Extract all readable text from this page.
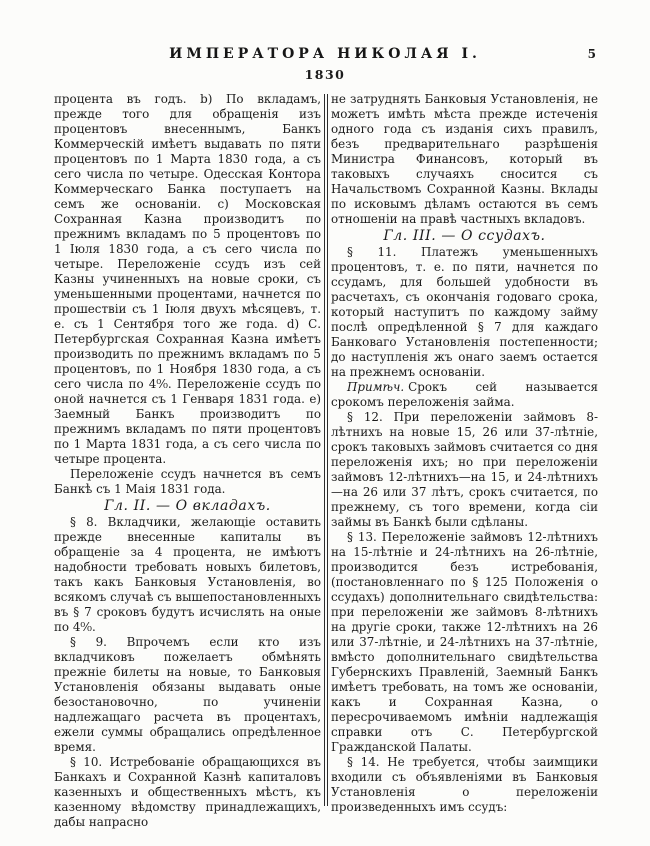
ИМПЕРАТОРА НИКОЛАЯ I.	5
1830

процента въ годъ. b) По вкладамъ, прежде того для обращенія изъ процентовъ внесеннымъ, Банкъ Коммерческій имѣетъ выдавать по пяти процентовъ по 1 Марта 1830 года, а съ сего числа по четыре. Одесская Контора Коммерческаго Банка поступаетъ на семъ же основаніи. c) Московская Сохранная Казна производитъ по прежнимъ вкладамъ по 5 процентовъ по 1 Іюля 1830 года, а съ сего числа по четыре. Переложеніе ссудъ изъ сей Казны учиненныхъ на новые сроки, съ уменьшенными процентами, начнется по прошествіи съ 1 Іюля двухъ мѣсяцевъ, т. е. съ 1 Сентября того же года. d) С. Петербургская Сохранная Казна имѣетъ производить по прежнимъ вкладамъ по 5 процентовъ, по 1 Ноября 1830 года, а съ сего числа по 4⁰⁄₀. Переложеніе ссудъ по оной начнется съ 1 Генваря 1831 года. e) Заемный Банкъ производитъ по прежнимъ вкладамъ по пяти процентовъ по 1 Марта 1831 года, а съ сего числа по четыре процента.

Переложеніе ссудъ начнется въ семъ Банкѣ съ 1 Маія 1831 года.

Гл. II. — О вкладахъ.

§ 8. Вкладчики, желающіе оставить прежде внесенные капиталы въ обращеніе за 4 процента, не имѣютъ надобности требовать новыхъ билетовъ, такъ какъ Банковыя Установленія, во всякомъ случаѣ съ вышепостановленныхъ въ § 7 сроковъ будутъ исчислять на оные по 4⁰⁄₀.

§ 9. Впрочемъ если кто изъ вкладчиковъ пожелаетъ обмѣнять прежніе билеты на новые, то Банковыя Установленія обязаны выдавать оные безостановочно, по учиненіи надлежащаго расчета въ процентахъ, ежели суммы обращались опредѣленное время.

§ 10. Истребованіе обращающихся въ Банкахъ и Сохранной Казнѣ капиталовъ казенныхъ и общественныхъ мѣстъ, къ казенному вѣдомству принадлежащихъ, дабы напрасно

не затруднять Банковыя Установленія, не можетъ имѣть мѣста прежде истеченія одного года съ изданія сихъ правилъ, безъ предварительнаго разрѣшенія Министра Финансовъ, который въ таковыхъ случаяхъ сносится съ Начальствомъ Сохранной Казны. Вклады по исковымъ дѣламъ остаются въ семъ отношеніи на правѣ частныхъ вкладовъ.

Гл. III. — О ссудахъ.

§ 11. Платежъ уменьшенныхъ процентовъ, т. е. по пяти, начнется по ссудамъ, для большей удобности въ расчетахъ, съ окончанія годоваго срока, который наступитъ по каждому займу послѣ опредѣленной § 7 для каждаго Банковаго Установленія постепенности; до наступленія жъ онаго заемъ остается на прежнемъ основаніи.

Примѣч. Срокъ сей называется срокомъ переложенія займа.

§ 12. При переложеніи займовъ 8-лѣтнихъ на новые 15, 26 или 37-лѣтніе, срокъ таковыхъ займовъ считается со дня переложенія ихъ; но при переложеніи займовъ 12-лѣтнихъ—на 15, и 24-лѣтнихъ—на 26 или 37 лѣтъ, срокъ считается, по прежнему, съ того времени, когда сіи займы въ Банкѣ были сдѣланы.

§ 13. Переложеніе займовъ 12-лѣтнихъ на 15-лѣтніе и 24-лѣтнихъ на 26-лѣтніе, производится безъ истребованія, (постановленнаго по § 125 Положенія о ссудахъ) дополнительнаго свидѣтельства: при переложеніи же займовъ 8-лѣтнихъ на другіе сроки, также 12-лѣтнихъ на 26 или 37-лѣтніе, и 24-лѣтнихъ на 37-лѣтніе, вмѣсто дополнительнаго свидѣтельства Губернскихъ Правленій, Заемный Банкъ имѣетъ требовать, на томъ же основаніи, какъ и Сохранная Казна, о пересрочиваемомъ имѣніи надлежащія справки отъ С. Петербургской Гражданской Палаты.

§ 14. Не требуется, чтобы заимщики входили съ объявленіями въ Банковыя Установленія о переложеніи произведенныхъ имъ ссудъ:
